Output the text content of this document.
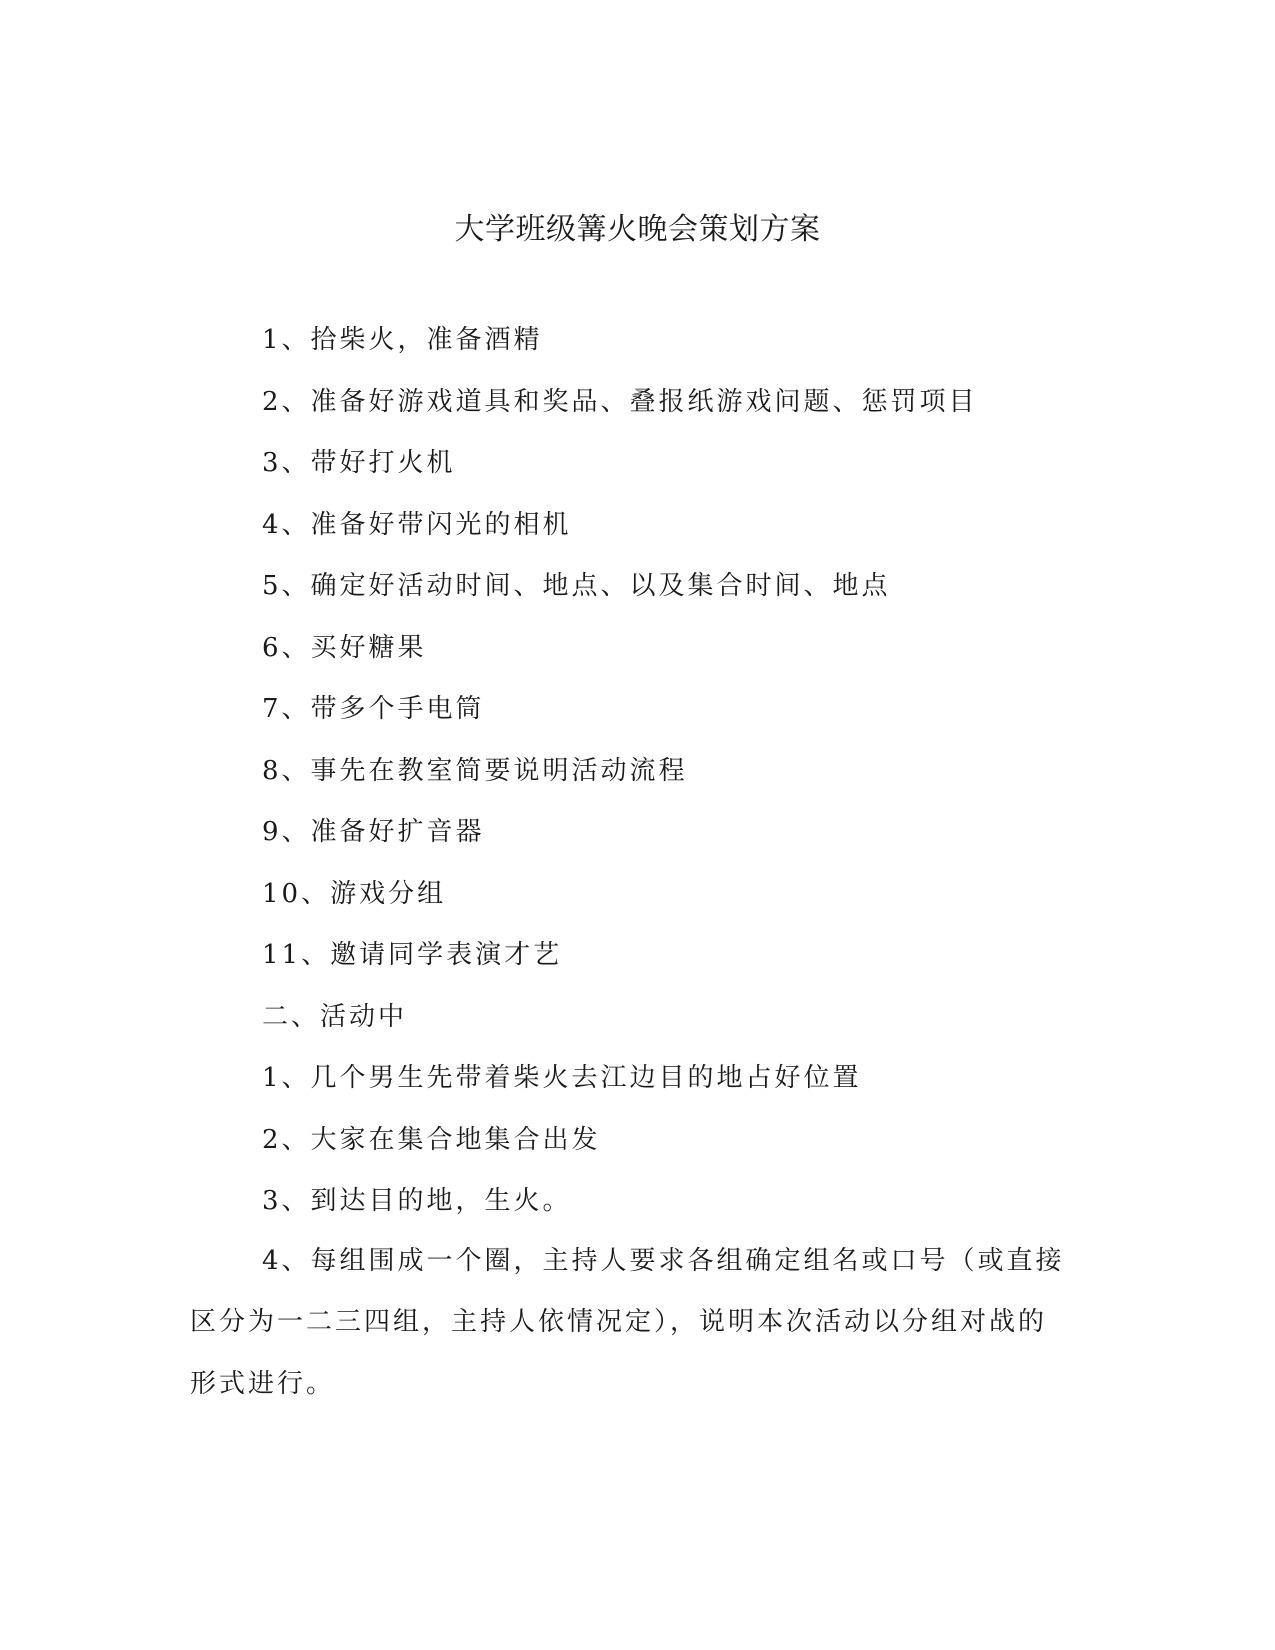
大学班级篝火晚会策划方案
1、拾柴火，准备酒精
2、准备好游戏道具和奖品、叠报纸游戏问题、惩罚项目
3、带好打火机
4、准备好带闪光的相机
5、确定好活动时间、地点、以及集合时间、地点
6、买好糖果
7、带多个手电筒
8、事先在教室简要说明活动流程
9、准备好扩音器
10、游戏分组
11、邀请同学表演才艺
二、活动中
1、几个男生先带着柴火去江边目的地占好位置
2、大家在集合地集合出发
3、到达目的地，生火。

4、每组围成一个圈，主持人要求各组确定组名或口号（或直接区分为一二三四组，主持人依情况定），说明本次活动以分组对战的形式进行。
